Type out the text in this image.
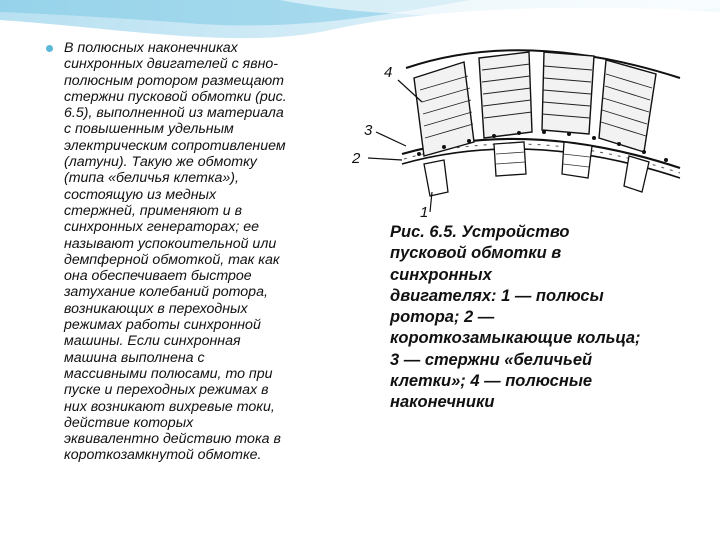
В полюсных наконечниках
синхронных двигателей с явно-
полюсным ротором размещают
стержни пусковой обмотки (рис.
6.5), выполненной из материала
с повышенным удельным
электрическим сопротивлением
(латуни). Такую же обмотку
(типа «беличья клетка»),
состоящую из медных
стержней, применяют и в
синхронных генераторах; ее
называют успокоительной или
демпферной обмоткой, так как
она обеспечивает быстрое
затухание колебаний ротора,
возникающих в переходных
режимах работы синхронной
машины. Если синхронная
машина выполнена с
массивными полюсами, то при
пуске и переходных режимах в
них возникают вихревые токи,
действие которых
эквивалентно действию тока в
короткозамкнутой обмотке.

4
3
2
1

Рис. 6.5. Устройство
пусковой обмотки в
синхронных
двигателях: 1 — полюсы
ротора; 2 —
короткозамыкающие кольца;
3 — стержни «беличьей
клетки»; 4 — полюсные
наконечники
